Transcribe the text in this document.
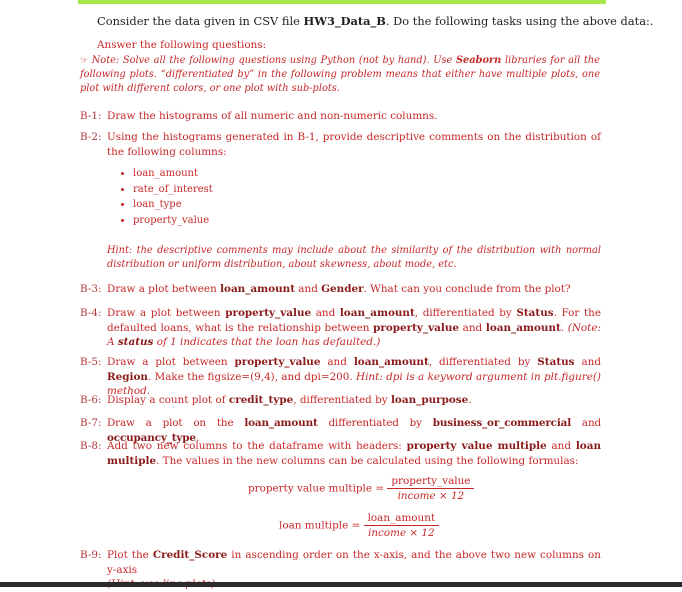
Consider the data given in CSV file HW3_Data_B. Do the following tasks using the above data:.
Answer the following questions:
☞ Note: Solve all the following questions using Python (not by hand). Use Seaborn libraries for all the following plots. “differentiated by” in the following problem means that either have multiple plots, one plot with different colors, or one plot with sub-plots.
B-1: Draw the histograms of all numeric and non-numeric columns.
B-2: Using the histograms generated in B-1, provide descriptive comments on the distribution of the following columns:
• loan_amount
• rate_of_interest
• loan_type
• property_value
Hint: the descriptive comments may include about the similarity of the distribution with normal distribution or uniform distribution, about skewness, about mode, etc.
B-3: Draw a plot between loan_amount and Gender. What can you conclude from the plot?
B-4: Draw a plot between property_value and loan_amount, differentiated by Status. For the defaulted loans, what is the relationship between property_value and loan_amount. (Note: A status of 1 indicates that the loan has defaulted.)
B-5: Draw a plot between property_value and loan_amount, differentiated by Status and Region. Make the figsize=(9,4), and dpi=200. Hint: dpi is a keyword argument in plt.figure() method.
B-6: Display a count plot of credit_type, differentiated by loan_purpose.
B-7: Draw a plot on the loan_amount differentiated by business_or_commercial and occupancy_type.
B-8: Add two new columns to the dataframe with headers: property value multiple and loan multiple. The values in the new columns can be calculated using the following formulas:
property value multiple = $\frac{\text{property\_value}}{\text{income × 12}}$
loan multiple = $\frac{\text{loan\_amount}}{\text{income × 12}}$
B-9: Plot the Credit_Score in ascending order on the x-axis, and the above two new columns on y-axis
